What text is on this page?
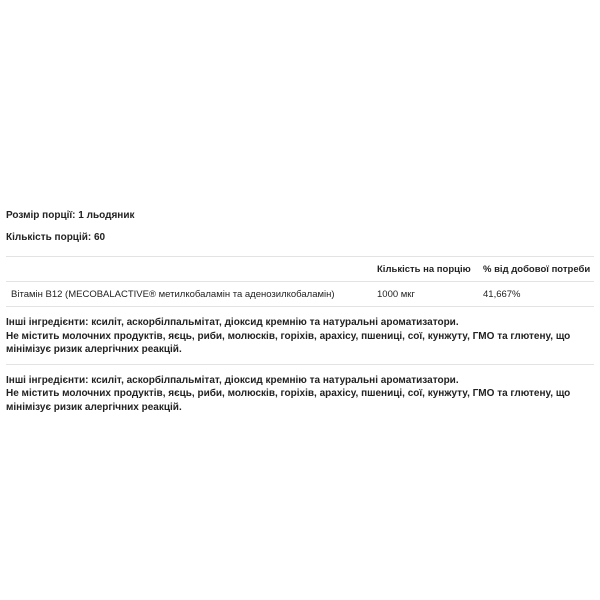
Розмір порції: 1 льодяник

Кількість порцій: 60

	Кількість на порцію	% від добової потреби
Вітамін B12 (MECOBALACTIVE® метилкобаламін та аденозилкобаламін)	1000 мкг	41,667%

Інші інгредієнти: ксиліт, аскорбілпальмітат, діоксид кремнію та натуральні ароматизатори.

Не містить молочних продуктів, яєць, риби, молюсків, горіхів, арахісу, пшениці, сої, кунжуту, ГМО та глютену, що мінімізує ризик алергічних реакцій.

Інші інгредієнти: ксиліт, аскорбілпальмітат, діоксид кремнію та натуральні ароматизатори.

Не містить молочних продуктів, яєць, риби, молюсків, горіхів, арахісу, пшениці, сої, кунжуту, ГМО та глютену, що мінімізує ризик алергічних реакцій.
